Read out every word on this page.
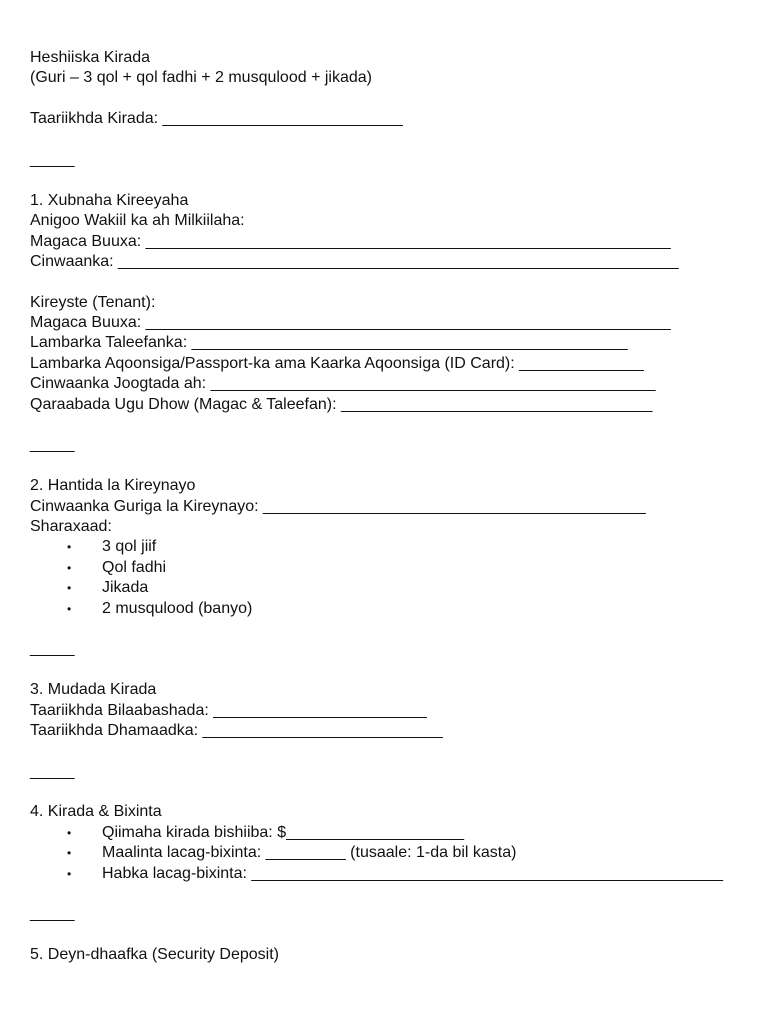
Heshiiska Kirada
(Guri – 3 qol + qol fadhi + 2 musqulood + jikada)
Taariikhda Kirada: ___________________________
_____
1. Xubnaha Kireeyaha
Anigoo Wakiil ka ah Milkiilaha:
Magaca Buuxa: ___________________________________________________________
Cinwaanka: _______________________________________________________________
Kireyste (Tenant):
Magaca Buuxa: ___________________________________________________________
Lambarka Taleefanka: _________________________________________________
Lambarka Aqoonsiga/Passport-ka ama Kaarka Aqoonsiga (ID Card): ______________
Cinwaanka Joogtada ah: __________________________________________________
Qaraabada Ugu Dhow (Magac & Taleefan): ___________________________________
_____
2. Hantida la Kireynayo
Cinwaanka Guriga la Kireynayo: ___________________________________________
Sharaxaad:
• 3 qol jiif
• Qol fadhi
• Jikada
• 2 musqulood (banyo)
_____
3. Mudada Kirada
Taariikhda Bilaabashada: ________________________
Taariikhda Dhamaadka: ___________________________
_____
4. Kirada & Bixinta
• Qiimaha kirada bishiiba: $____________________
• Maalinta lacag-bixinta: _________ (tusaale: 1-da bil kasta)
• Habka lacag-bixinta: _____________________________________________________
_____
5. Deyn-dhaafka (Security Deposit)
